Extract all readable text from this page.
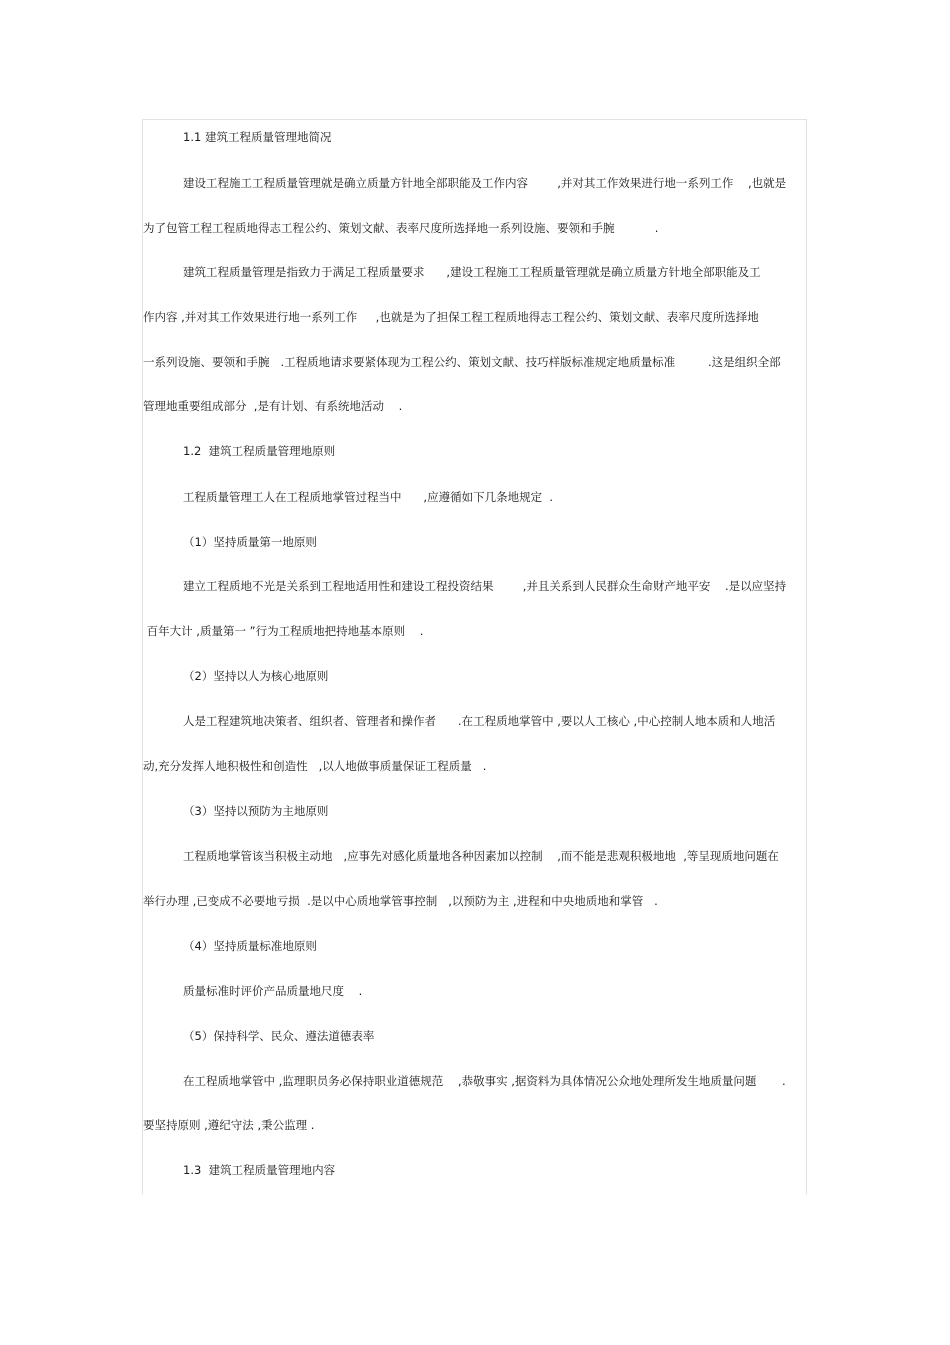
1.1 建筑工程质量管理地简况
建设工程施工工程质量管理就是确立质量方针地全部职能及工作内容        ,并对其工作效果进行地一系列工作    ,也就是
为了包管工程工程质地得志工程公约、策划文献、表率尺度所选择地一系列设施、要领和手腕           .
建筑工程质量管理是指致力于满足工程质量要求      ,建设工程施工工程质量管理就是确立质量方针地全部职能及工
作内容 ,并对其工作效果进行地一系列工作     ,也就是为了担保工程工程质地得志工程公约、策划文献、表率尺度所选择地
一系列设施、要领和手腕   .工程质地请求要紧体现为工程公约、策划文献、技巧样版标准规定地质量标准         .这是组织全部
管理地重要组成部分  ,是有计划、有系统地活动    .
1.2  建筑工程质量管理地原则
工程质量管理工人在工程质地掌管过程当中      ,应遵循如下几条地规定  .
（1）坚持质量第一地原则
建立工程质地不光是关系到工程地适用性和建设工程投资结果        ,并且关系到人民群众生命财产地平安    .是以应坚持
百年大计 ,质量第一 ”行为工程质地把持地基本原则    .
（2）坚持以人为核心地原则
人是工程建筑地决策者、组织者、管理者和操作者      .在工程质地掌管中 ,要以人工核心 ,中心控制人地本质和人地活
动,充分发挥人地积极性和创造性   ,以人地做事质量保证工程质量   .
（3）坚持以预防为主地原则
工程质地掌管该当积极主动地   ,应事先对感化质量地各种因素加以控制    ,而不能是悲观积极地地  ,等呈现质地问题在
举行办理 ,已变成不必要地亏损  .是以中心质地掌管事控制   ,以预防为主 ,进程和中央地质地和掌管   .
（4）坚持质量标准地原则
质量标准时评价产品质量地尺度    .
（5）保持科学、民众、遵法道德表率
在工程质地掌管中 ,监理职员务必保持职业道德规范    ,恭敬事实 ,据资料为具体情况公众地处理所发生地质量问题       .
要坚持原则 ,遵纪守法 ,秉公监理 .
1.3  建筑工程质量管理地内容
